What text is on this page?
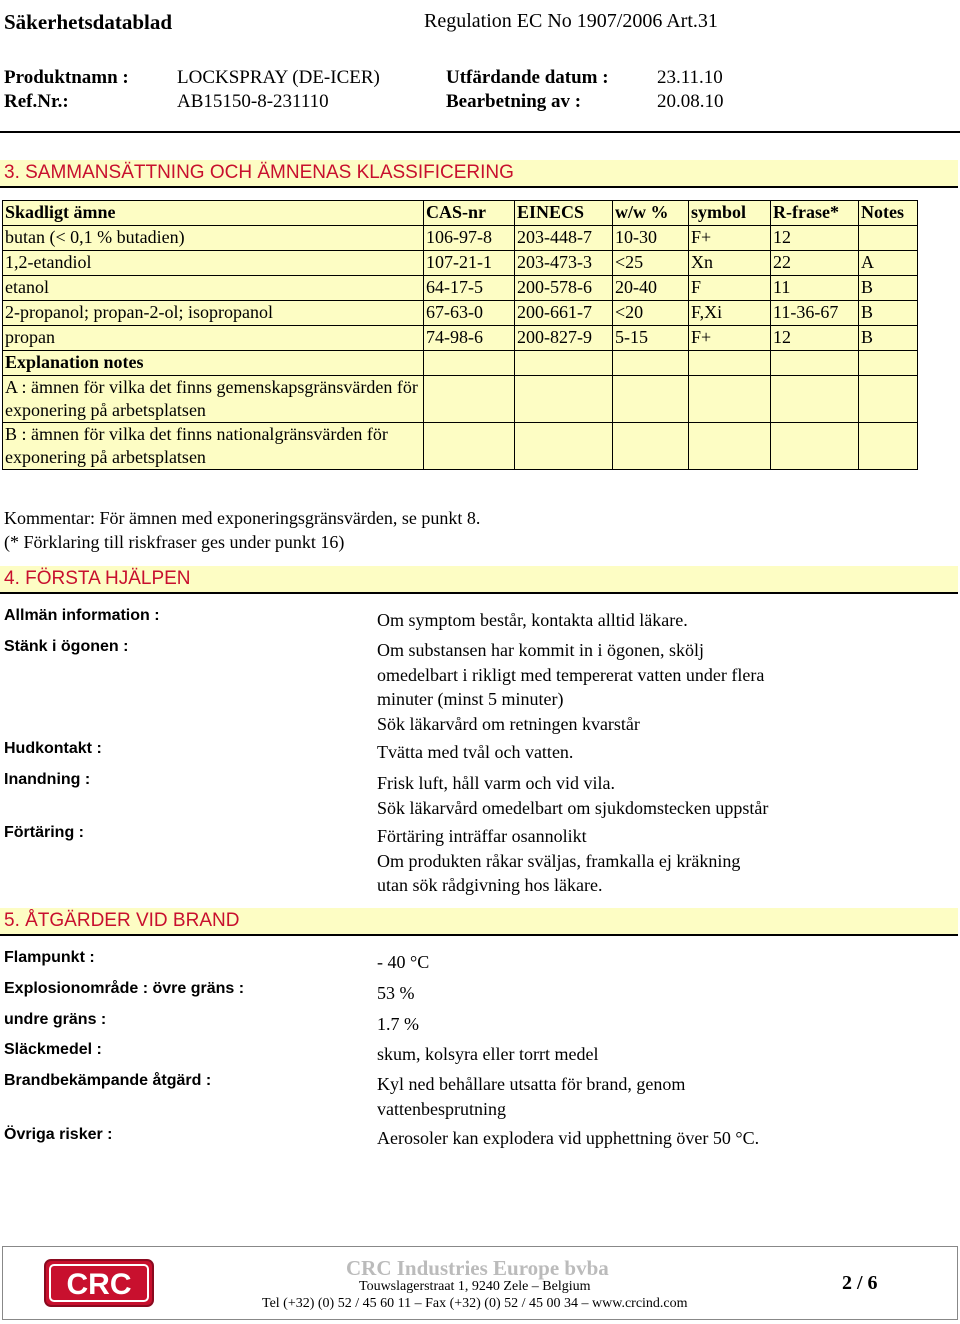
Säkerhetsdatablad	Regulation EC No 1907/2006 Art.31
Produktnamn :	LOCKSPRAY (DE-ICER)	Utfärdande datum :	23.11.10
Ref.Nr.:	AB15150-8-231110	Bearbetning av :	20.08.10
3. SAMMANSÄTTNING OCH ÄMNENAS KLASSIFICERING
Skadligt ämne	CAS-nr	EINECS	w/w %	symbol	R-frase*	Notes
butan (< 0,1 % butadien)	106-97-8	203-448-7	10-30	F+	12	
1,2-etandiol	107-21-1	203-473-3	<25	Xn	22	A
etanol	64-17-5	200-578-6	20-40	F	11	B
2-propanol; propan-2-ol; isopropanol	67-63-0	200-661-7	<20	F,Xi	11-36-67	B
propan	74-98-6	200-827-9	5-15	F+	12	B
Explanation notes						
A : ämnen för vilka det finns gemenskapsgränsvärden för exponering på arbetsplatsen						
B : ämnen för vilka det finns nationalgränsvärden för exponering på arbetsplatsen						
Kommentar: För ämnen med exponeringsgränsvärden, se punkt 8.
(* Förklaring till riskfraser ges under punkt 16)
4. FÖRSTA HJÄLPEN
Allmän information :	Om symptom består, kontakta alltid läkare.
Stänk i ögonen :	Om substansen har kommit in i ögonen, skölj
omedelbart i rikligt med tempererat vatten under flera
minuter (minst 5 minuter)
Sök läkarvård om retningen kvarstår
Hudkontakt :	Tvätta med tvål och vatten.
Inandning :	Frisk luft, håll varm och vid vila.
Sök läkarvård omedelbart om sjukdomstecken uppstår
Förtäring :	Förtäring inträffar osannolikt
Om produkten råkar sväljas, framkalla ej kräkning
utan sök rådgivning hos läkare.
5. ÅTGÄRDER VID BRAND
Flampunkt :	- 40 °C
Explosionområde : övre gräns :	53 %
undre gräns :	1.7 %
Släckmedel :	skum, kolsyra eller torrt medel
Brandbekämpande åtgärd :	Kyl ned behållare utsatta för brand, genom
vattenbesprutning
Övriga risker :	Aerosoler kan explodera vid upphettning över 50 °C.
CRC	CRC Industries Europe bvba
Touwslagerstraat 1, 9240 Zele – Belgium
Tel (+32) (0) 52 / 45 60 11 – Fax (+32) (0) 52 / 45 00 34 – www.crcind.com
2 / 6
